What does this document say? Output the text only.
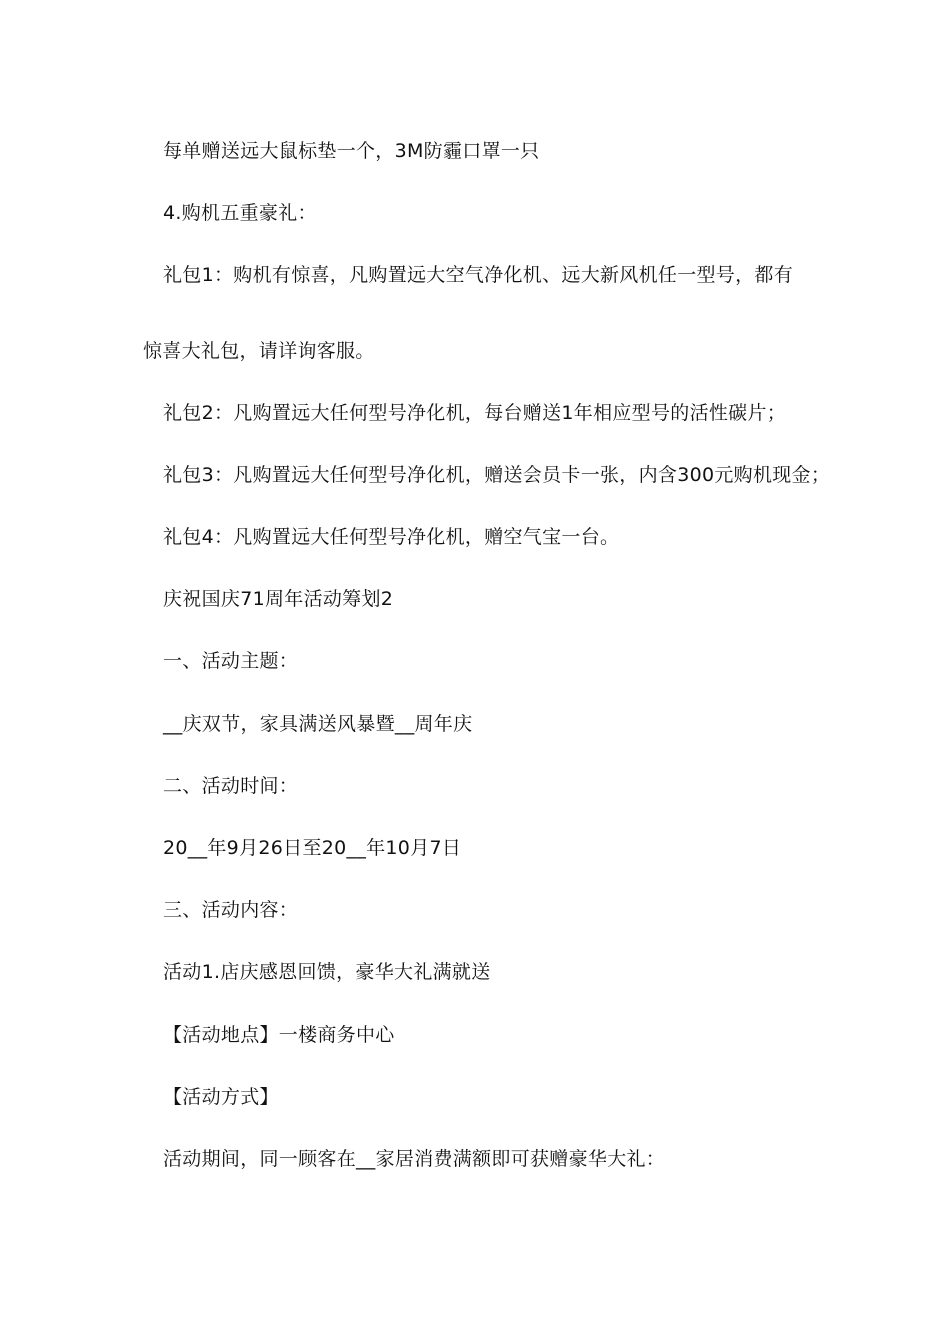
每单赠送远大鼠标垫一个，3M防霾口罩一只
4.购机五重豪礼：
礼包1：购机有惊喜，凡购置远大空气净化机、远大新风机任一型号，都有
惊喜大礼包，请详询客服。
礼包2：凡购置远大任何型号净化机，每台赠送1年相应型号的活性碳片；
礼包3：凡购置远大任何型号净化机，赠送会员卡一张，内含300元购机现金；
礼包4：凡购置远大任何型号净化机，赠空气宝一台。
庆祝国庆71周年活动筹划2
一、活动主题：
__庆双节，家具满送风暴暨__周年庆
二、活动时间：
20__年9月26日至20__年10月7日
三、活动内容：
活动1.店庆感恩回馈，豪华大礼满就送
【活动地点】一楼商务中心
【活动方式】
活动期间，同一顾客在__家居消费满额即可获赠豪华大礼：
